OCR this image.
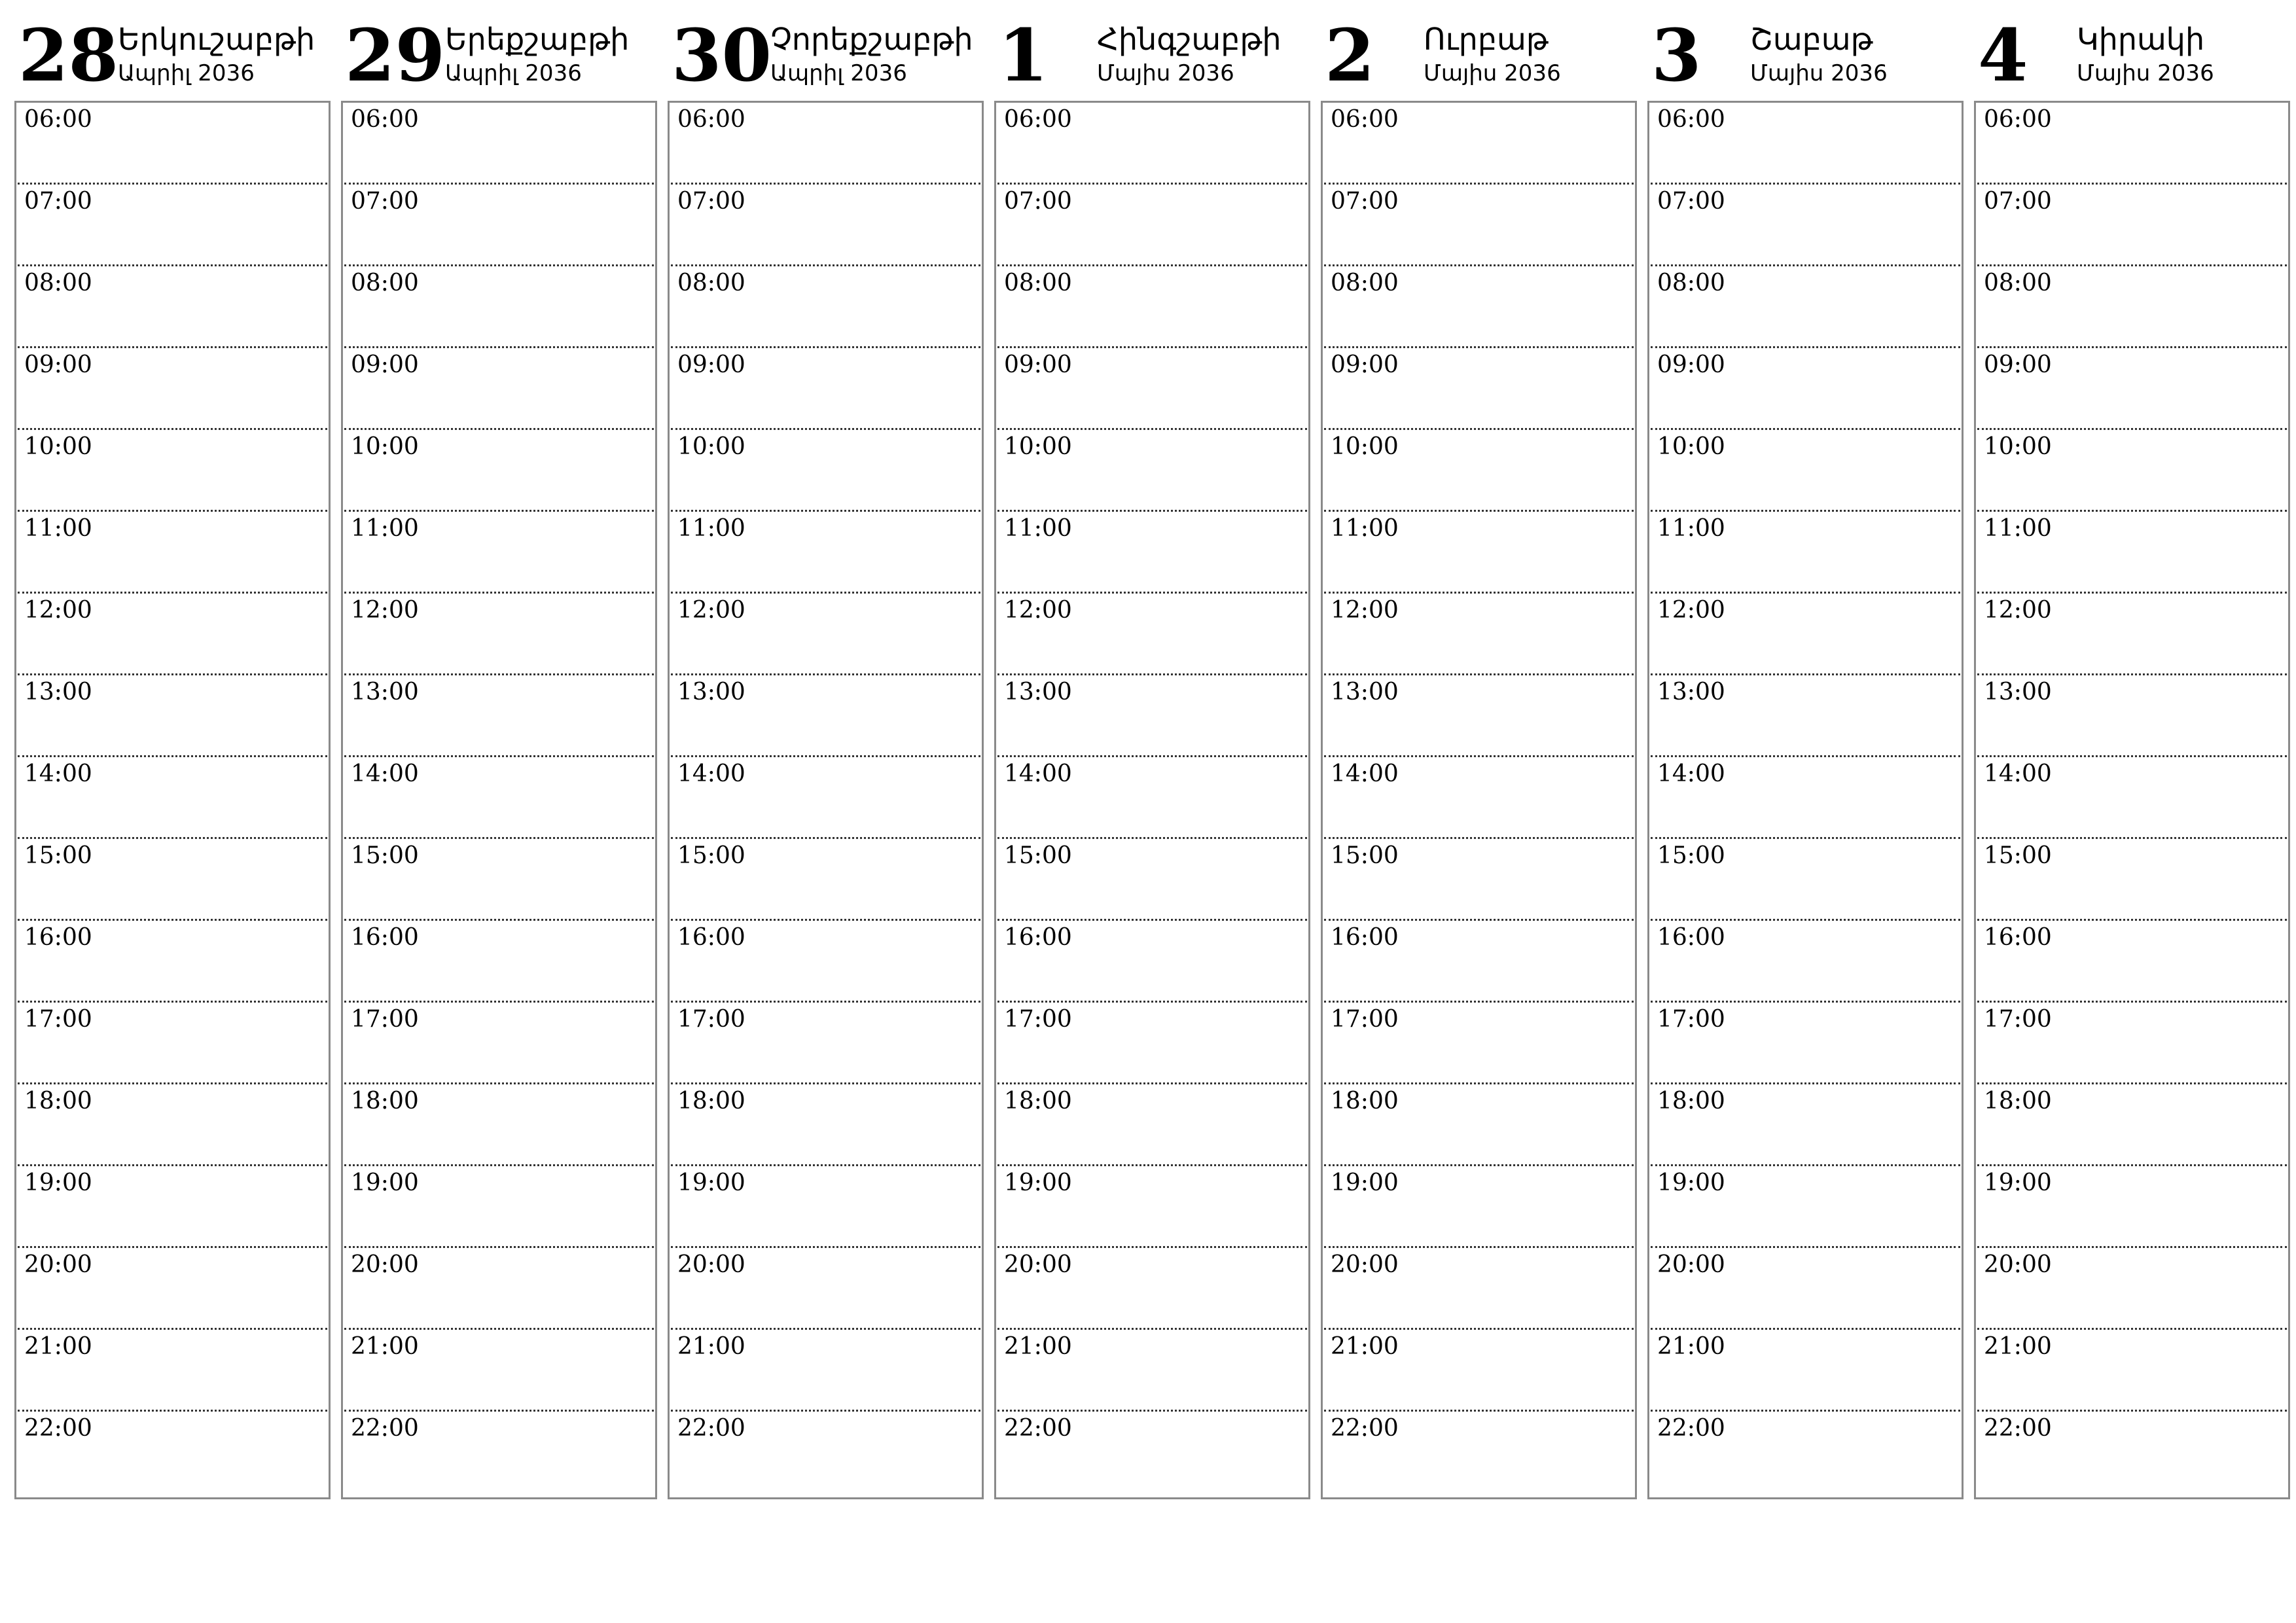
28
Երկուշաբթի
Ապրիլ 2036
06:00
07:00
08:00
09:00
10:00
11:00
12:00
13:00
14:00
15:00
16:00
17:00
18:00
19:00
20:00
21:00
22:00
29 Երեքշաբթի
Ապրիլ 2036
06:00
07:00
08:00
09:00
10:00
11:00
12:00
13:00
14:00
15:00
16:00
17:00
18:00
19:00
20:00
21:00
22:00
30
Չորեքշաբթի
Ապրիլ 2036
06:00
07:00
08:00
09:00
10:00
11:00
12:00
13:00
14:00
15:00
16:00
17:00
18:00
19:00
20:00
21:00
22:00
1 Հինգշաբթի
Մայիս 2036
06:00
07:00
08:00
09:00
10:00
11:00
12:00
13:00
14:00
15:00
16:00
17:00
18:00
19:00
20:00
21:00
22:00
2 Ուրբաթ
Մայիս 2036
06:00
07:00
08:00
09:00
10:00
11:00
12:00
13:00
14:00
15:00
16:00
17:00
18:00
19:00
20:00
21:00
22:00
3 Շաբաթ
Մայիս 2036
06:00
07:00
08:00
09:00
10:00
11:00
12:00
13:00
14:00
15:00
16:00
17:00
18:00
19:00
20:00
21:00
22:00
4 Կիրակի
Մայիս 2036
06:00
07:00
08:00
09:00
10:00
11:00
12:00
13:00
14:00
15:00
16:00
17:00
18:00
19:00
20:00
21:00
22:00
